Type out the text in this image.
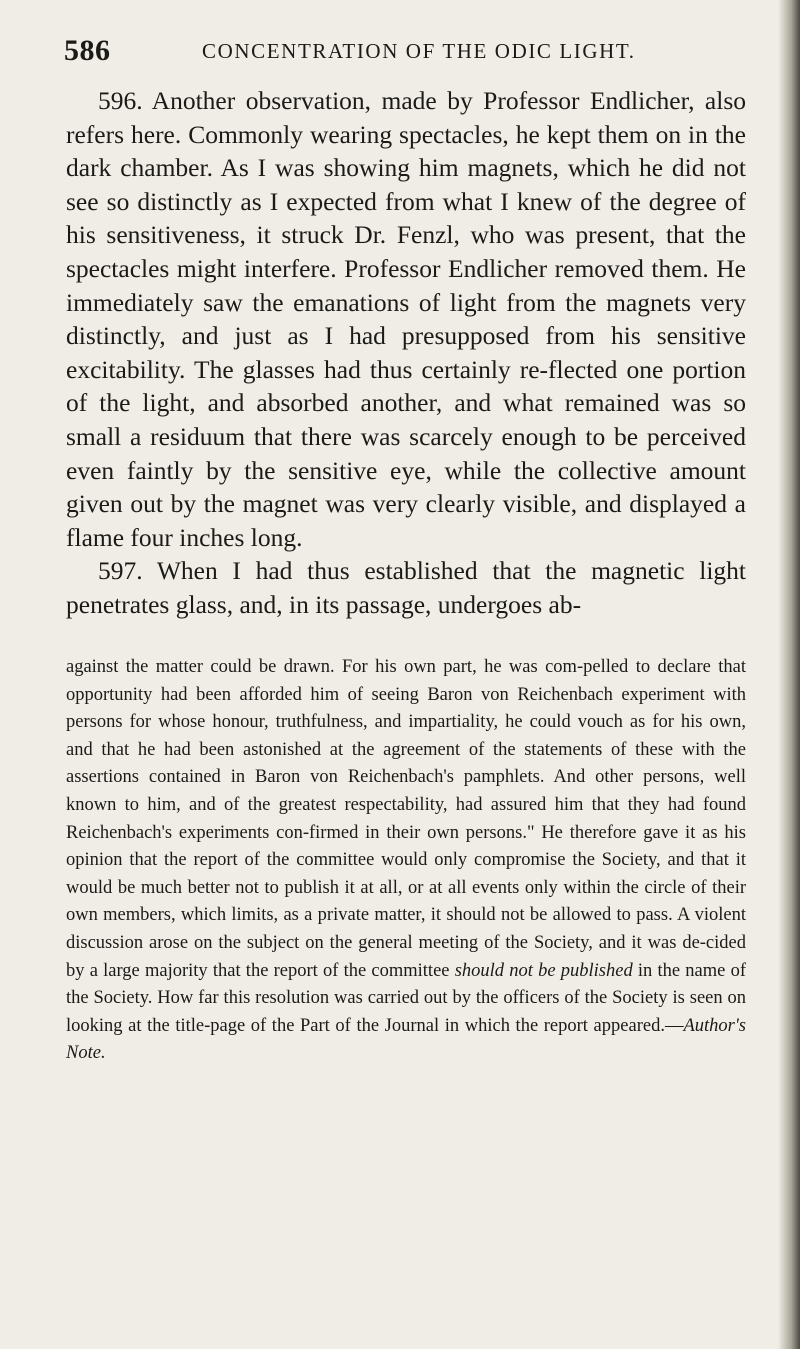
586	CONCENTRATION OF THE ODIC LIGHT.

596. Another observation, made by Professor Endlicher, also refers here. Commonly wearing spectacles, he kept them on in the dark chamber. As I was showing him magnets, which he did not see so distinctly as I expected from what I knew of the degree of his sensitiveness, it struck Dr. Fenzl, who was present, that the spectacles might interfere. Professor Endlicher removed them. He immediately saw the emanations of light from the magnets very distinctly, and just as I had presupposed from his sensitive excitability. The glasses had thus certainly re-flected one portion of the light, and absorbed another, and what remained was so small a residuum that there was scarcely enough to be perceived even faintly by the sensitive eye, while the collective amount given out by the magnet was very clearly visible, and displayed a flame four inches long.

597. When I had thus established that the magnetic light penetrates glass, and, in its passage, undergoes ab-

against the matter could be drawn. For his own part, he was com-pelled to declare that opportunity had been afforded him of seeing Baron von Reichenbach experiment with persons for whose honour, truthfulness, and impartiality, he could vouch as for his own, and that he had been astonished at the agreement of the statements of these with the assertions contained in Baron von Reichenbach's pamphlets. And other persons, well known to him, and of the greatest respectability, had assured him that they had found Reichenbach's experiments con-firmed in their own persons." He therefore gave it as his opinion that the report of the committee would only compromise the Society, and that it would be much better not to publish it at all, or at all events only within the circle of their own members, which limits, as a private matter, it should not be allowed to pass. A violent discussion arose on the subject on the general meeting of the Society, and it was de-cided by a large majority that the report of the committee should not be published in the name of the Society. How far this resolution was carried out by the officers of the Society is seen on looking at the title-page of the Part of the Journal in which the report appeared.—Author's Note.
